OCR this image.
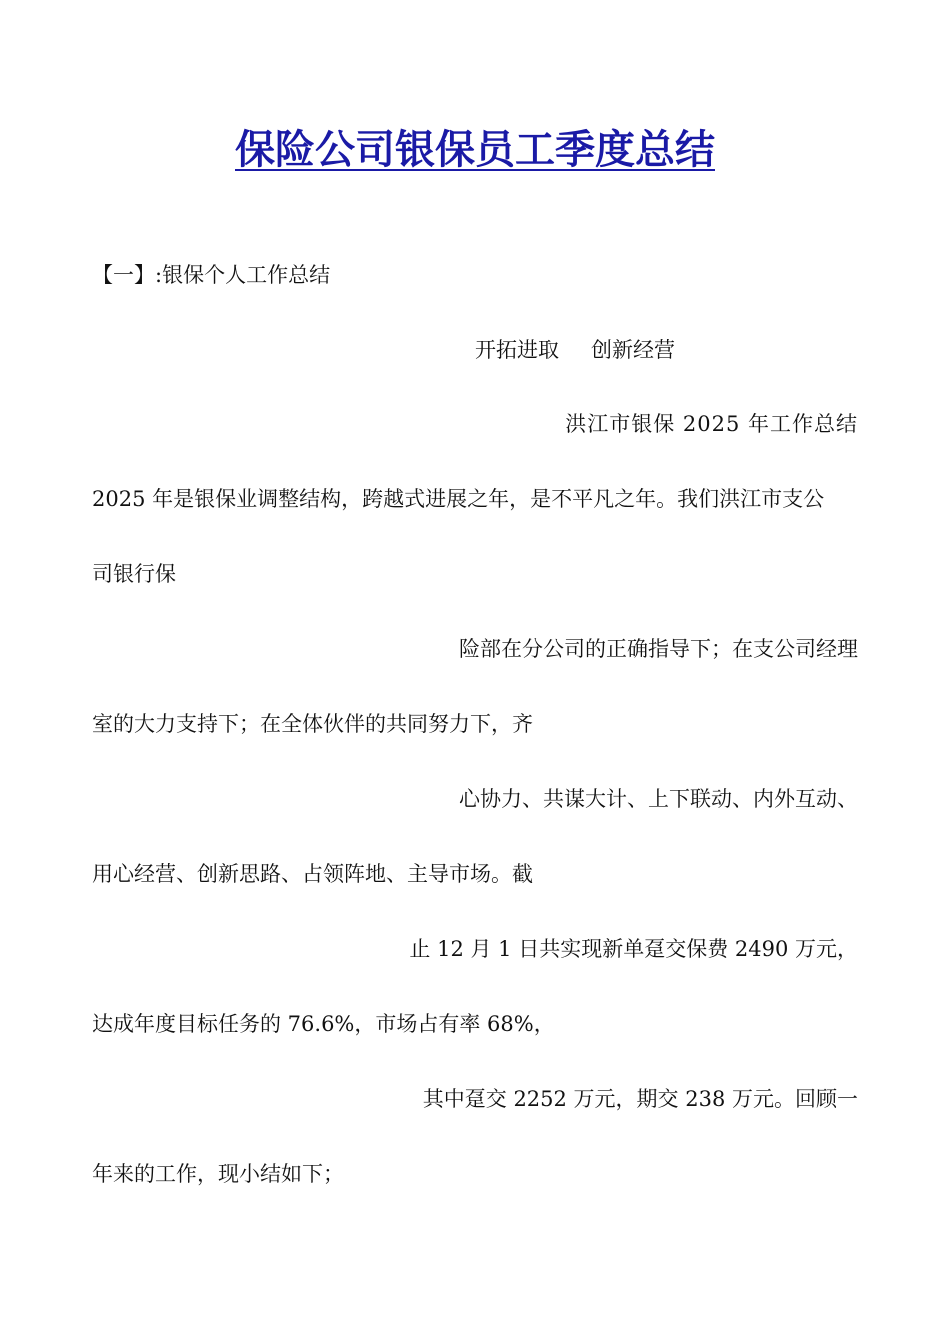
保险公司银保员工季度总结
【一】:银保个人工作总结
开拓进取 创新经营
洪江市银保 2025 年工作总结
2025 年是银保业调整结构，跨越式进展之年，是不平凡之年。我们洪江市支公
司银行保
险部在分公司的正确指导下；在支公司经理
室的大力支持下；在全体伙伴的共同努力下，齐
心协力、共谋大计、上下联动、内外互动、
用心经营、创新思路、占领阵地、主导市场。截
止 12 月 1 日共实现新单趸交保费 2490 万元，
达成年度目标任务的 76.6%，市场占有率 68%，
其中趸交 2252 万元，期交 238 万元。回顾一
年来的工作，现小结如下；
